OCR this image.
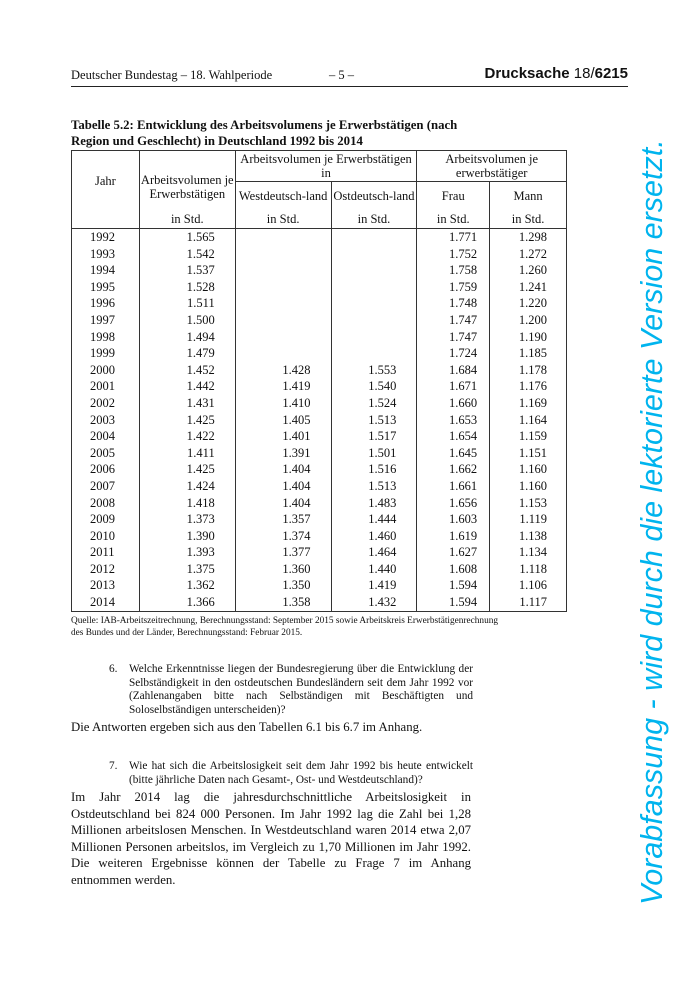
Deutscher Bundestag – 18. Wahlperiode	– 5 –	Drucksache 18/6215
Tabelle 5.2: Entwicklung des Arbeitsvolumens je Erwerbstätigen (nach Region und Geschlecht) in Deutschland 1992 bis 2014
Jahr	Arbeitsvolumen je Erwerbstätigen	Arbeitsvolumen je Erwerbstätigen in		Arbeitsvolumen je erwerbstätiger	
		Westdeutsch-land	Ostdeutsch-land	Frau	Mann

	in Std.	in Std.	in Std.	in Std.	in Std.
1992	1.565			1.771	1.298
1993	1.542			1.752	1.272
1994	1.537			1.758	1.260
1995	1.528			1.759	1.241
1996	1.511			1.748	1.220
1997	1.500			1.747	1.200
1998	1.494			1.747	1.190
1999	1.479			1.724	1.185
2000	1.452	1.428	1.553	1.684	1.178
2001	1.442	1.419	1.540	1.671	1.176
2002	1.431	1.410	1.524	1.660	1.169
2003	1.425	1.405	1.513	1.653	1.164
2004	1.422	1.401	1.517	1.654	1.159
2005	1.411	1.391	1.501	1.645	1.151
2006	1.425	1.404	1.516	1.662	1.160
2007	1.424	1.404	1.513	1.661	1.160
2008	1.418	1.404	1.483	1.656	1.153
2009	1.373	1.357	1.444	1.603	1.119
2010	1.390	1.374	1.460	1.619	1.138
2011	1.393	1.377	1.464	1.627	1.134
2012	1.375	1.360	1.440	1.608	1.118
2013	1.362	1.350	1.419	1.594	1.106
2014	1.366	1.358	1.432	1.594	1.117
Quelle: IAB-Arbeitszeitrechnung, Berechnungsstand: September 2015 sowie Arbeitskreis Erwerbstätigenrechnung des Bundes und der Länder, Berechnungsstand: Februar 2015.
6. Welche Erkenntnisse liegen der Bundesregierung über die Entwicklung der Selbständigkeit in den ostdeutschen Bundesländern seit dem Jahr 1992 vor (Zahlenangaben bitte nach Selbständigen mit Beschäftigten und Soloselbständigen unterscheiden)?
Die Antworten ergeben sich aus den Tabellen 6.1 bis 6.7 im Anhang.
7. Wie hat sich die Arbeitslosigkeit seit dem Jahr 1992 bis heute entwickelt (bitte jährliche Daten nach Gesamt-, Ost- und Westdeutschland)?
Im Jahr 2014 lag die jahresdurchschnittliche Arbeitslosigkeit in Ostdeutschland bei 824 000 Personen. Im Jahr 1992 lag die Zahl bei 1,28 Millionen arbeitslosen Menschen. In Westdeutschland waren 2014 etwa 2,07 Millionen Personen arbeitslos, im Vergleich zu 1,70 Millionen im Jahr 1992. Die weiteren Ergebnisse können der Tabelle zu Frage 7 im Anhang entnommen werden.	Vorabfassung - wird durch die lektorierte Version ersetzt.
